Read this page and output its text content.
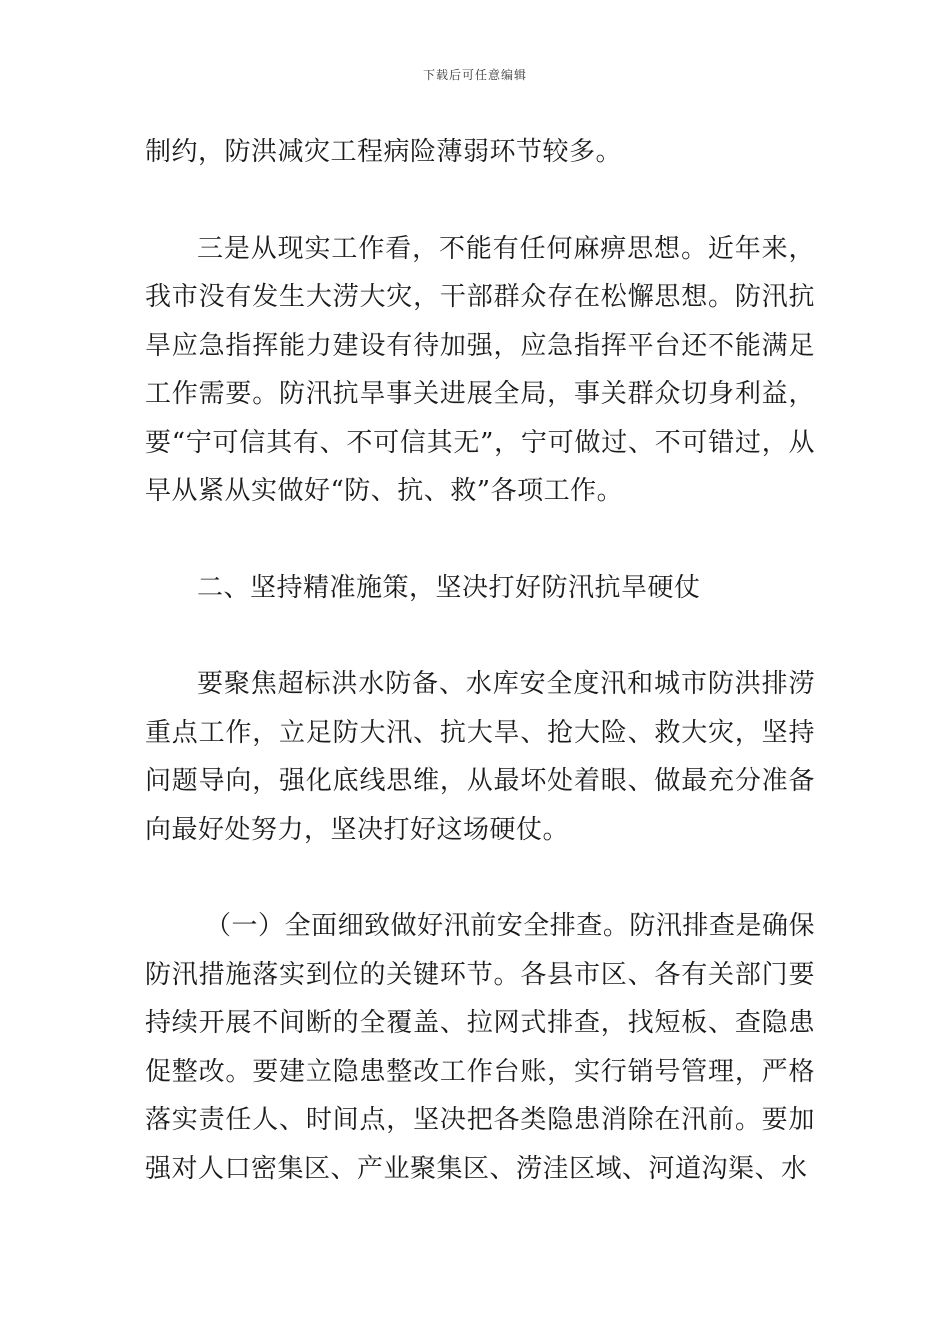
下载后可任意编辑

制约，防洪减灾工程病险薄弱环节较多。

三是从现实工作看，不能有任何麻痹思想。近年来，我市没有发生大涝大灾，干部群众存在松懈思想。防汛抗旱应急指挥能力建设有待加强，应急指挥平台还不能满足工作需要。防汛抗旱事关进展全局，事关群众切身利益，要“宁可信其有、不可信其无”，宁可做过、不可错过，从早从紧从实做好“防、抗、救”各项工作。

二、坚持精准施策，坚决打好防汛抗旱硬仗

要聚焦超标洪水防备、水库安全度汛和城市防洪排涝重点工作，立足防大汛、抗大旱、抢大险、救大灾，坚持问题导向，强化底线思维，从最坏处着眼、做最充分准备向最好处努力，坚决打好这场硬仗。

（一）全面细致做好汛前安全排查。防汛排查是确保防汛措施落实到位的关键环节。各县市区、各有关部门要持续开展不间断的全覆盖、拉网式排查，找短板、查隐患促整改。要建立隐患整改工作台账，实行销号管理，严格落实责任人、时间点，坚决把各类隐患消除在汛前。要加强对人口密集区、产业聚集区、涝洼区域、河道沟渠、水
